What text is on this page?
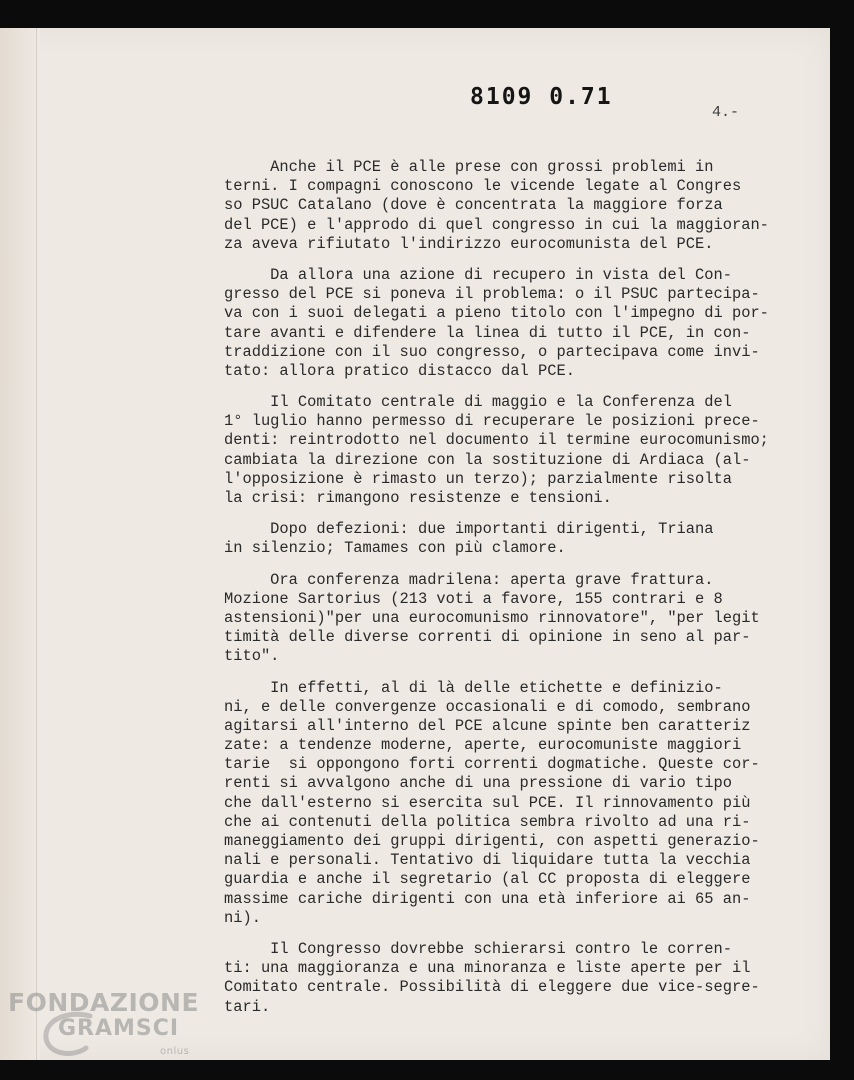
8109 0.71
4.-
Anche il PCE è alle prese con grossi problemi in
terni. I compagni conoscono le vicende legate al Congres
so PSUC Catalano (dove è concentrata la maggiore forza
del PCE) e l'approdo di quel congresso in cui la maggioran-
za aveva rifiutato l'indirizzo eurocomunista del PCE.
Da allora una azione di recupero in vista del Con-
gresso del PCE si poneva il problema: o il PSUC partecipa-
va con i suoi delegati a pieno titolo con l'impegno di por-
tare avanti e difendere la linea di tutto il PCE, in con-
traddizione con il suo congresso, o partecipava come invi-
tato: allora pratico distacco dal PCE.
Il Comitato centrale di maggio e la Conferenza del
1° luglio hanno permesso di recuperare le posizioni prece-
denti: reintrodotto nel documento il termine eurocomunismo;
cambiata la direzione con la sostituzione di Ardiaca (al-
l'opposizione è rimasto un terzo); parzialmente risolta
la crisi: rimangono resistenze e tensioni.
Dopo defezioni: due importanti dirigenti, Triana
in silenzio; Tamames con più clamore.
Ora conferenza madrilena: aperta grave frattura.
Mozione Sartorius (213 voti a favore, 155 contrari e 8
astensioni)"per una eurocomunismo rinnovatore", "per legit
timità delle diverse correnti di opinione in seno al par-
tito".
In effetti, al di là delle etichette e definizio-
ni, e delle convergenze occasionali e di comodo, sembrano
agitarsi all'interno del PCE alcune spinte ben caratteriz
zate: a tendenze moderne, aperte, eurocomuniste maggiori
tarie  si oppongono forti correnti dogmatiche. Queste cor-
renti si avvalgono anche di una pressione di vario tipo
che dall'esterno si esercita sul PCE. Il rinnovamento più
che ai contenuti della politica sembra rivolto ad una ri-
maneggiamento dei gruppi dirigenti, con aspetti generazio-
nali e personali. Tentativo di liquidare tutta la vecchia
guardia e anche il segretario (al CC proposta di eleggere
massime cariche dirigenti con una età inferiore ai 65 an-
ni).
Il Congresso dovrebbe schierarsi contro le corren-
ti: una maggioranza e una minoranza e liste aperte per il
Comitato centrale. Possibilità di eleggere due vice-segre-
tari.
FONDAZIONE
GRAMSCI
onlus
